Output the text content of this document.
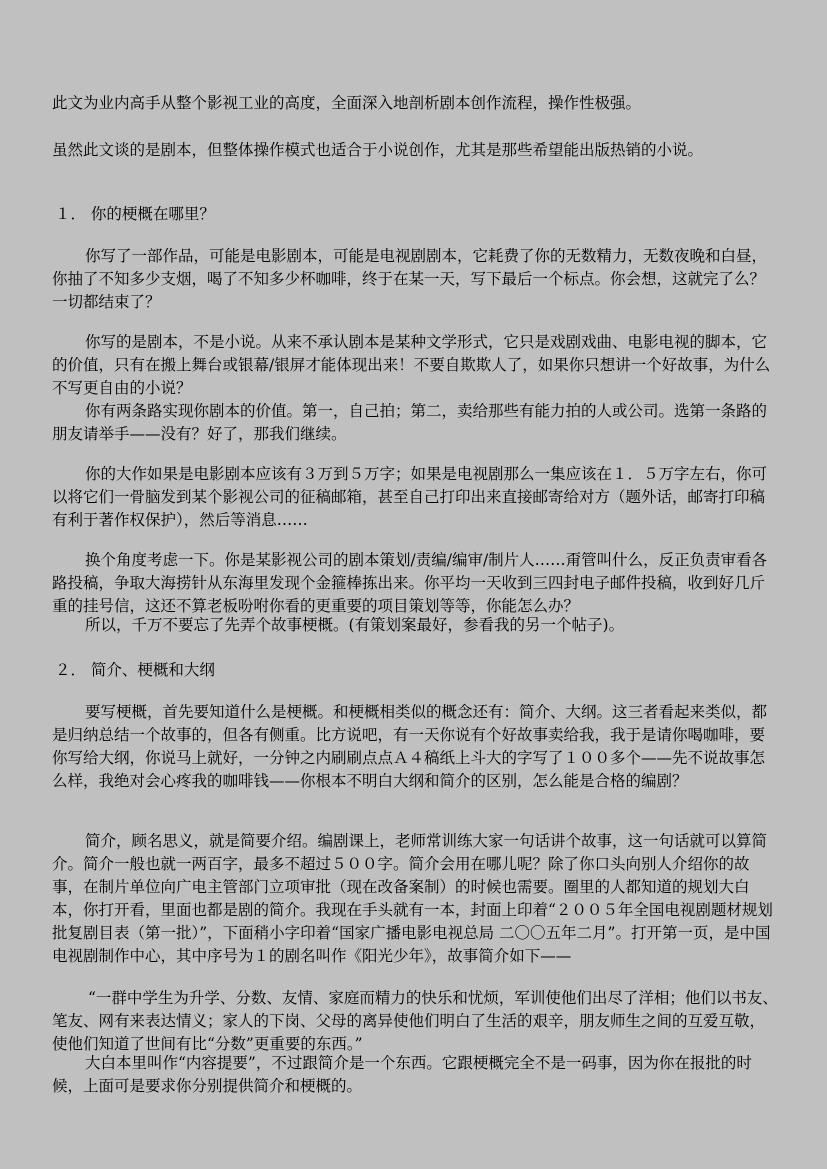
此文为业内高手从整个影视工业的高度，全面深入地剖析剧本创作流程，操作性极强。

虽然此文谈的是剧本，但整体操作模式也适合于小说创作，尤其是那些希望能出版热销的小说。

１． 你的梗概在哪里？

你写了一部作品，可能是电影剧本，可能是电视剧剧本，它耗费了你的无数精力，无数夜晚和白昼，你抽了不知多少支烟，喝了不知多少杯咖啡，终于在某一天，写下最后一个标点。你会想，这就完了么？一切都结束了？

你写的是剧本，不是小说。从来不承认剧本是某种文学形式，它只是戏剧戏曲、电影电视的脚本，它的价值，只有在搬上舞台或银幕/银屏才能体现出来！不要自欺欺人了，如果你只想讲一个好故事，为什么不写更自由的小说？

你有两条路实现你剧本的价值。第一，自己拍；第二，卖给那些有能力拍的人或公司。选第一条路的朋友请举手——没有？好了，那我们继续。

你的大作如果是电影剧本应该有３万到５万字；如果是电视剧那么一集应该在１．５万字左右，你可以将它们一骨脑发到某个影视公司的征稿邮箱，甚至自己打印出来直接邮寄给对方（题外话，邮寄打印稿有利于著作权保护），然后等消息……

换个角度考虑一下。你是某影视公司的剧本策划/责编/编审/制片人……甭管叫什么，反正负责审看各路投稿，争取大海捞针从东海里发现个金箍棒拣出来。你平均一天收到三四封电子邮件投稿，收到好几斤重的挂号信，这还不算老板吩咐你看的更重要的项目策划等等，你能怎么办？

所以，千万不要忘了先弄个故事梗概。(有策划案最好，参看我的另一个帖子)。

２． 简介、梗概和大纲

要写梗概，首先要知道什么是梗概。和梗概相类似的概念还有：简介、大纲。这三者看起来类似，都是归纳总结一个故事的，但各有侧重。比方说吧，有一天你说有个好故事卖给我，我于是请你喝咖啡，要你写给大纲，你说马上就好，一分钟之内刷刷点点Ａ４稿纸上斗大的字写了１００多个——先不说故事怎么样，我绝对会心疼我的咖啡钱——你根本不明白大纲和简介的区别，怎么能是合格的编剧？

简介，顾名思义，就是简要介绍。编剧课上，老师常训练大家一句话讲个故事，这一句话就可以算简介。简介一般也就一两百字，最多不超过５００字。简介会用在哪儿呢？除了你口头向别人介绍你的故事，在制片单位向广电主管部门立项审批（现在改备案制）的时候也需要。圈里的人都知道的规划大白本，你打开看，里面也都是剧的简介。我现在手头就有一本，封面上印着“２００５年全国电视剧题材规划批复剧目表（第一批）”，下面稍小字印着“国家广播电影电视总局 二〇〇五年二月”。打开第一页，是中国电视剧制作中心，其中序号为１的剧名叫作《阳光少年》，故事简介如下——

“一群中学生为升学、分数、友情、家庭而精力的快乐和忧烦，军训使他们出尽了洋相；他们以书友、笔友、网有来表达情义；家人的下岗、父母的离异使他们明白了生活的艰辛，朋友师生之间的互爱互敬，使他们知道了世间有比“分数”更重要的东西。”

大白本里叫作“内容提要”，不过跟简介是一个东西。它跟梗概完全不是一码事，因为你在报批的时候，上面可是要求你分别提供简介和梗概的。
